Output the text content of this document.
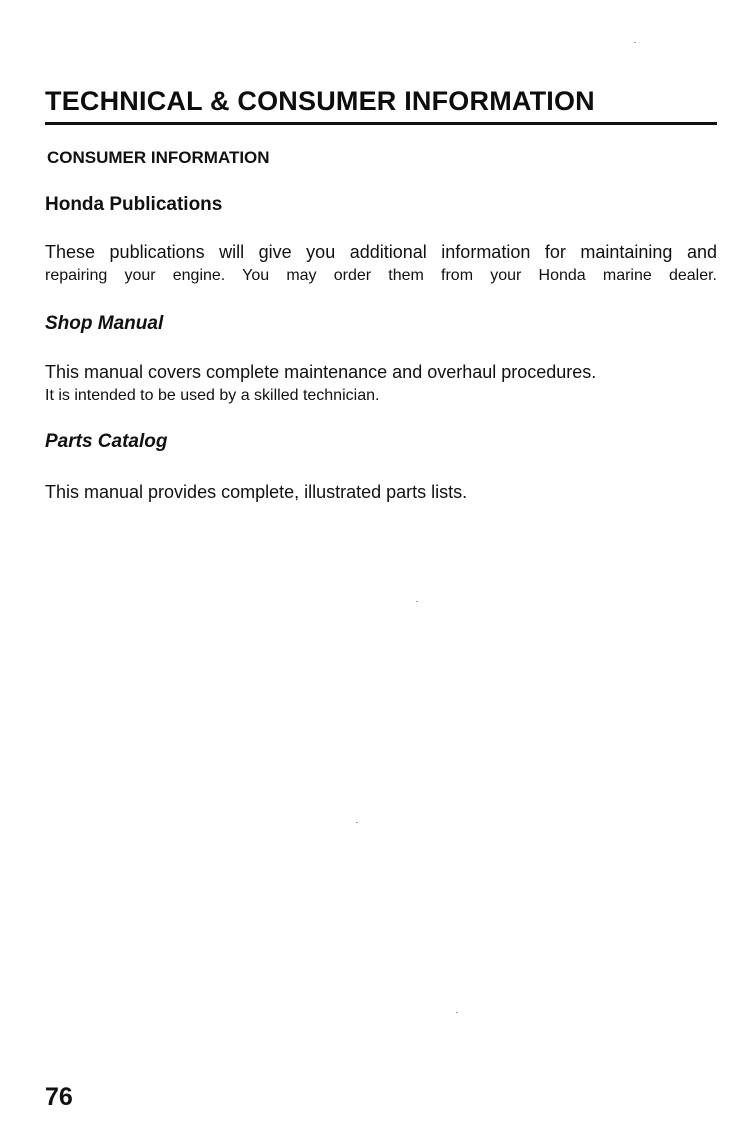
TECHNICAL & CONSUMER INFORMATION
CONSUMER INFORMATION
Honda Publications
These publications will give you additional information for maintaining and
repairing your engine. You may order them from your Honda marine dealer.
Shop Manual
This manual covers complete maintenance and overhaul procedures.
It is intended to be used by a skilled technician.
Parts Catalog
This manual provides complete, illustrated parts lists.
76
